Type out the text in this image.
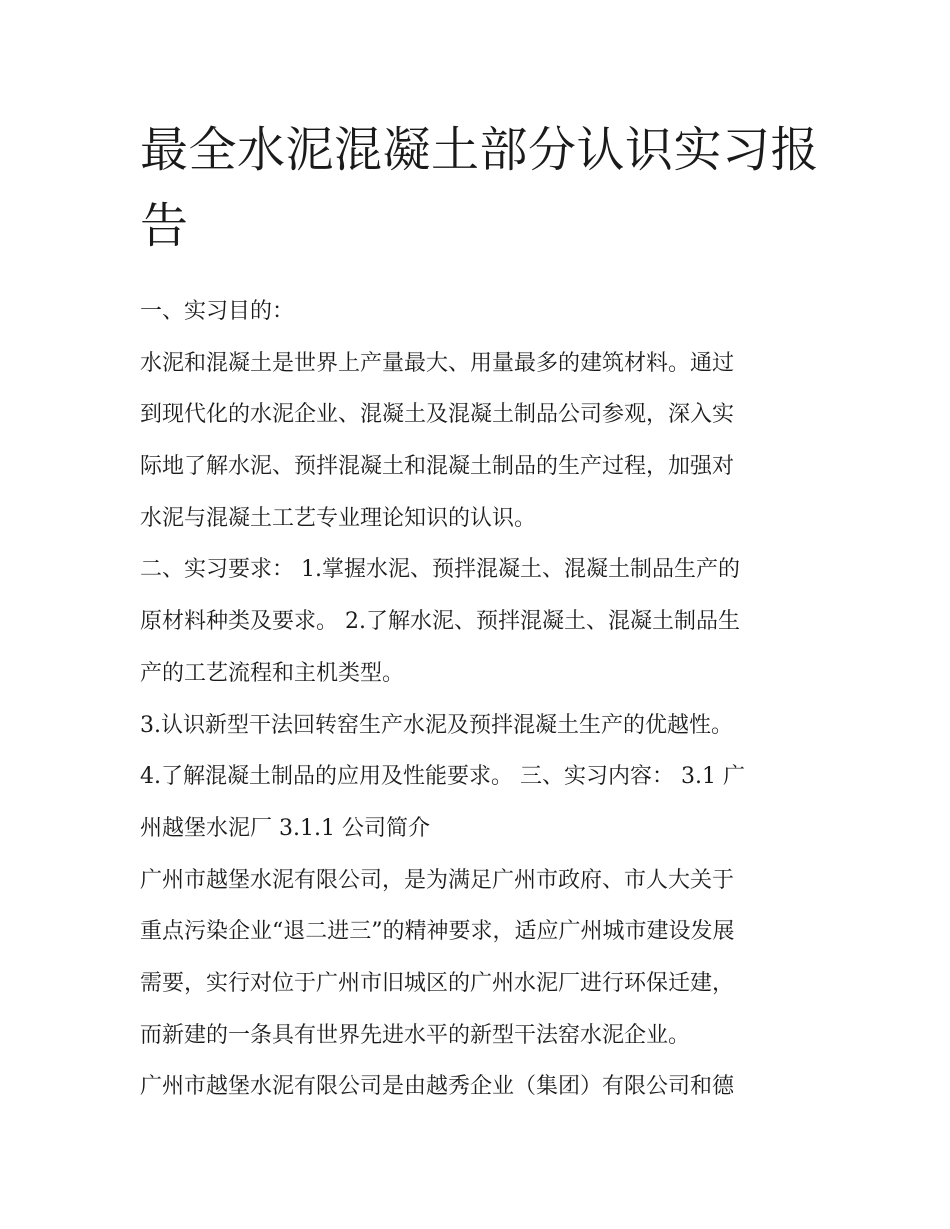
最全水泥混凝土部分认识实习报告

一、实习目的：

水泥和混凝土是世界上产量最大、用量最多的建筑材料。通过

到现代化的水泥企业、混凝土及混凝土制品公司参观，深入实

际地了解水泥、预拌混凝土和混凝土制品的生产过程，加强对

水泥与混凝土工艺专业理论知识的认识。

二、实习要求： 1.掌握水泥、预拌混凝土、混凝土制品生产的

原材料种类及要求。 2.了解水泥、预拌混凝土、混凝土制品生

产的工艺流程和主机类型。

3.认识新型干法回转窑生产水泥及预拌混凝土生产的优越性。

4.了解混凝土制品的应用及性能要求。 三、实习内容： 3.1 广

州越堡水泥厂 3.1.1 公司简介

广州市越堡水泥有限公司，是为满足广州市政府、市人大关于

重点污染企业“退二进三”的精神要求，适应广州城市建设发展

需要，实行对位于广州市旧城区的广州水泥厂进行环保迁建，

而新建的一条具有世界先进水平的新型干法窑水泥企业。

广州市越堡水泥有限公司是由越秀企业（集团）有限公司和德
